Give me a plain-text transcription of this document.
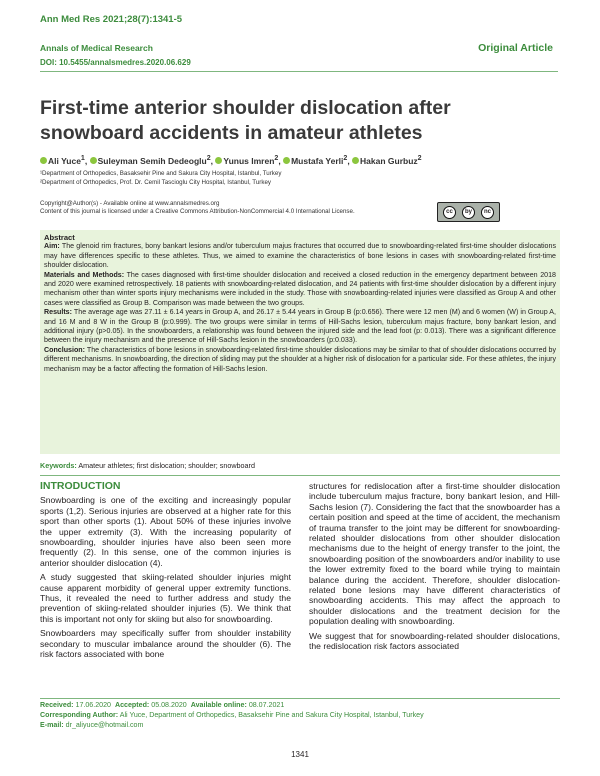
Ann Med Res 2021;28(7):1341-5
Annals of Medical Research
DOI: 10.5455/annalsmedres.2020.06.629
Original Article
First-time anterior shoulder dislocation after snowboard accidents in amateur athletes
Ali Yuce$^1$, Suleyman Semih Dedeoglu$^2$, Yunus Imren$^2$, Mustafa Yerli$^2$, Hakan Gurbuz$^2$
¹Department of Orthopedics, Basaksehir Pine and Sakura City Hospital, Istanbul, Turkey
²Department of Orthopedics, Prof. Dr. Cemil Tascioglu City Hospital, Istanbul, Turkey
Copyright@Author(s) - Available online at www.annalsmedres.org
Content of this journal is licensed under a Creative Commons Attribution-NonCommercial 4.0 International License.	cc	by	nc

Abstract

Aim: The glenoid rim fractures, bony bankart lesions and/or tuberculum majus fractures that occurred due to snowboarding-related first-time shoulder dislocations may have differences specific to these athletes. Thus, we aimed to examine the characteristics of bone lesions in cases with snowboarding-related first-time shoulder dislocation.

Materials and Methods: The cases diagnosed with first-time shoulder dislocation and received a closed reduction in the emergency department between 2018 and 2020 were examined retrospectively. 18 patients with snowboarding-related dislocation, and 24 patients with first-time shoulder dislocation by a different injury mechanism other than winter sports injury mechanisms were included in the study. Those with snowboarding-related injuries were classified as Group A and other cases were classified as Group B. Comparison was made between the two groups.

Results: The average age was 27.11 ± 6.14 years in Group A, and 26.17 ± 5.44 years in Group B (p:0.656). There were 12 men (M) and 6 women (W) in Group A, and 16 M and 8 W in the Group B (p:0.999). The two groups were similar in terms of Hill-Sachs lesion, tuberculum majus fracture, bony bankart lesion, and additional injury (p>0.05). In the snowboarders, a relationship was found between the injured side and the lead foot (p: 0.013). There was a significant difference between the injury mechanism and the presence of Hill-Sachs lesion in the snowboarders (p:0.033).

Conclusion: The characteristics of bone lesions in snowboarding-related first-time shoulder dislocations may be similar to that of shoulder dislocations occurred by different mechanisms. In snowboarding, the direction of sliding may put the shoulder at a higher risk of dislocation for a particular side. For these athletes, the injury mechanism may be a factor affecting the formation of Hill-Sachs lesion.

Keywords: Amateur athletes; first dislocation; shoulder; snowboard
INTRODUCTION

Snowboarding is one of the exciting and increasingly popular sports (1,2). Serious injuries are observed at a higher rate for this sport than other sports (1). About 50% of these injuries involve the upper extremity (3). With the increasing popularity of snowboarding, shoulder injuries have also been seen more frequently (2). In this sense, one of the common injuries is anterior shoulder dislocation (4).

A study suggested that skiing-related shoulder injuries might cause apparent morbidity of general upper extremity functions. Thus, it revealed the need to further address and study the prevention of skiing-related shoulder injuries (5). We think that this is important not only for skiing but also for snowboarding.

Snowboarders may specifically suffer from shoulder instability secondary to muscular imbalance around the shoulder (6). The risk factors associated with bone

structures for redislocation after a first-time shoulder dislocation include tuberculum majus fracture, bony bankart lesion, and Hill-Sachs lesion (7). Considering the fact that the snowboarder has a certain position and speed at the time of accident, the mechanism of trauma transfer to the joint may be different for snowboarding-related shoulder dislocations from other shoulder dislocation mechanisms due to the height of energy transfer to the joint, the snowboarding position of the snowboarders and/or inability to use the lower extremity fixed to the board while trying to maintain balance during the accident. Therefore, shoulder dislocation-related bone lesions may have different characteristics of snowboarding accidents. This may affect the approach to shoulder dislocations and the treatment decision for the population dealing with snowboarding.

We suggest that for snowboarding-related shoulder dislocations, the redislocation risk factors associated

Received: 17.06.2020 Accepted: 05.08.2020 Available online: 08.07.2021
Corresponding Author: Ali Yuce, Department of Orthopedics, Basaksehir Pine and Sakura City Hospital, Istanbul, Turkey
E-mail: dr_aliyuce@hotmail.com
1341
